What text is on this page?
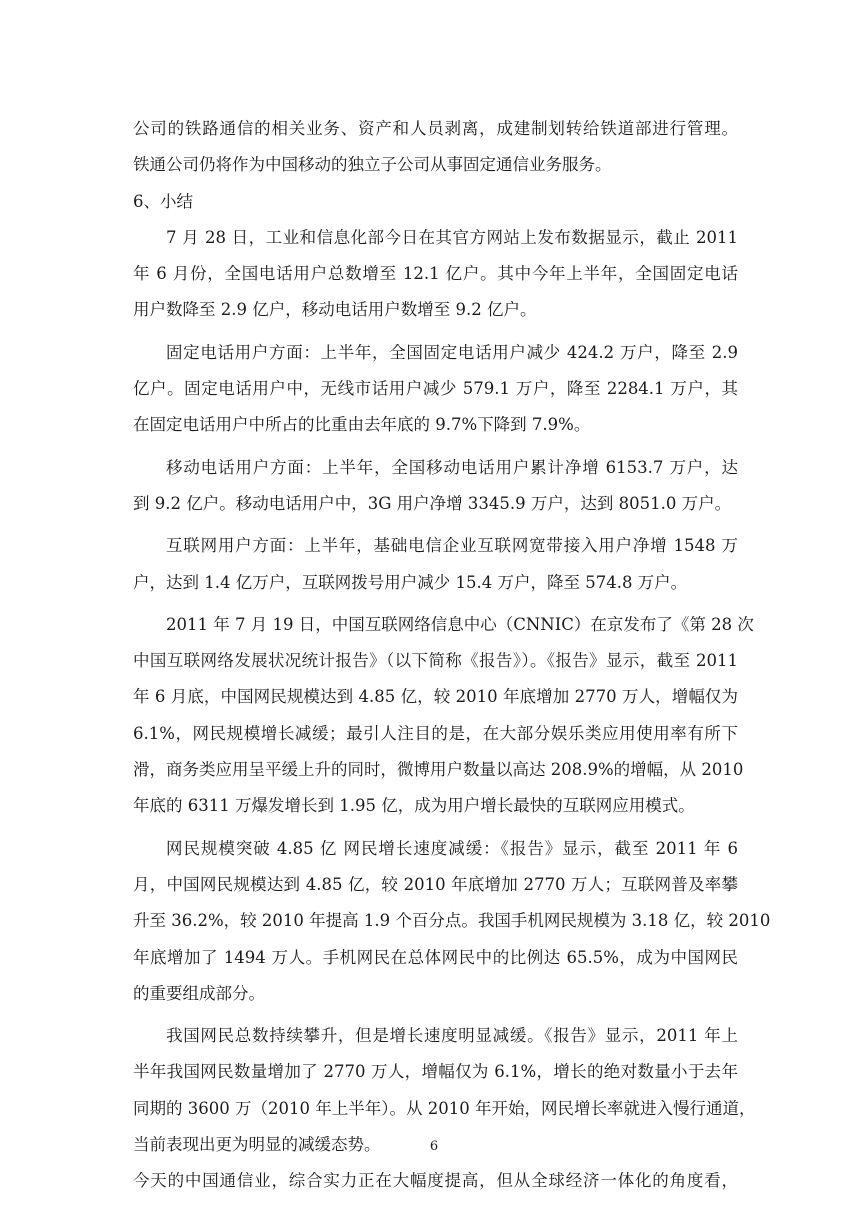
公司的铁路通信的相关业务、资产和人员剥离，成建制划转给铁道部进行管理。
铁通公司仍将作为中国移动的独立子公司从事固定通信业务服务。
6、小结
7 月 28 日，工业和信息化部今日在其官方网站上发布数据显示，截止 2011
年 6 月份，全国电话用户总数增至 12.1 亿户。其中今年上半年，全国固定电话
用户数降至 2.9 亿户，移动电话用户数增至 9.2 亿户。
固定电话用户方面：上半年，全国固定电话用户减少 424.2 万户，降至 2.9
亿户。固定电话用户中，无线市话用户减少 579.1 万户，降至 2284.1 万户，其
在固定电话用户中所占的比重由去年底的 9.7%下降到 7.9%。
移动电话用户方面：上半年，全国移动电话用户累计净增 6153.7 万户，达
到 9.2 亿户。移动电话用户中，3G 用户净增 3345.9 万户，达到 8051.0 万户。
互联网用户方面：上半年，基础电信企业互联网宽带接入用户净增 1548 万
户，达到 1.4 亿万户，互联网拨号用户减少 15.4 万户，降至 574.8 万户。
2011 年 7 月 19 日，中国互联网络信息中心（CNNIC）在京发布了《第 28 次
中国互联网络发展状况统计报告》（以下简称《报告》）。《报告》显示，截至 2011
年 6 月底，中国网民规模达到 4.85 亿，较 2010 年底增加 2770 万人，增幅仅为
6.1%，网民规模增长减缓；最引人注目的是，在大部分娱乐类应用使用率有所下
滑，商务类应用呈平缓上升的同时，微博用户数量以高达 208.9%的增幅，从 2010
年底的 6311 万爆发增长到 1.95 亿，成为用户增长最快的互联网应用模式。
网民规模突破 4.85 亿 网民增长速度减缓：《报告》显示，截至 2011 年 6
月，中国网民规模达到 4.85 亿，较 2010 年底增加 2770 万人；互联网普及率攀
升至 36.2%，较 2010 年提高 1.9 个百分点。我国手机网民规模为 3.18 亿，较 2010
年底增加了 1494 万人。手机网民在总体网民中的比例达 65.5%，成为中国网民
的重要组成部分。
我国网民总数持续攀升，但是增长速度明显减缓。《报告》显示，2011 年上
半年我国网民数量增加了 2770 万人，增幅仅为 6.1%，增长的绝对数量小于去年
同期的 3600 万（2010 年上半年）。从 2010 年开始，网民增长率就进入慢行通道，
当前表现出更为明显的减缓态势。
今天的中国通信业，综合实力正在大幅度提高，但从全球经济一体化的角度看，
6
